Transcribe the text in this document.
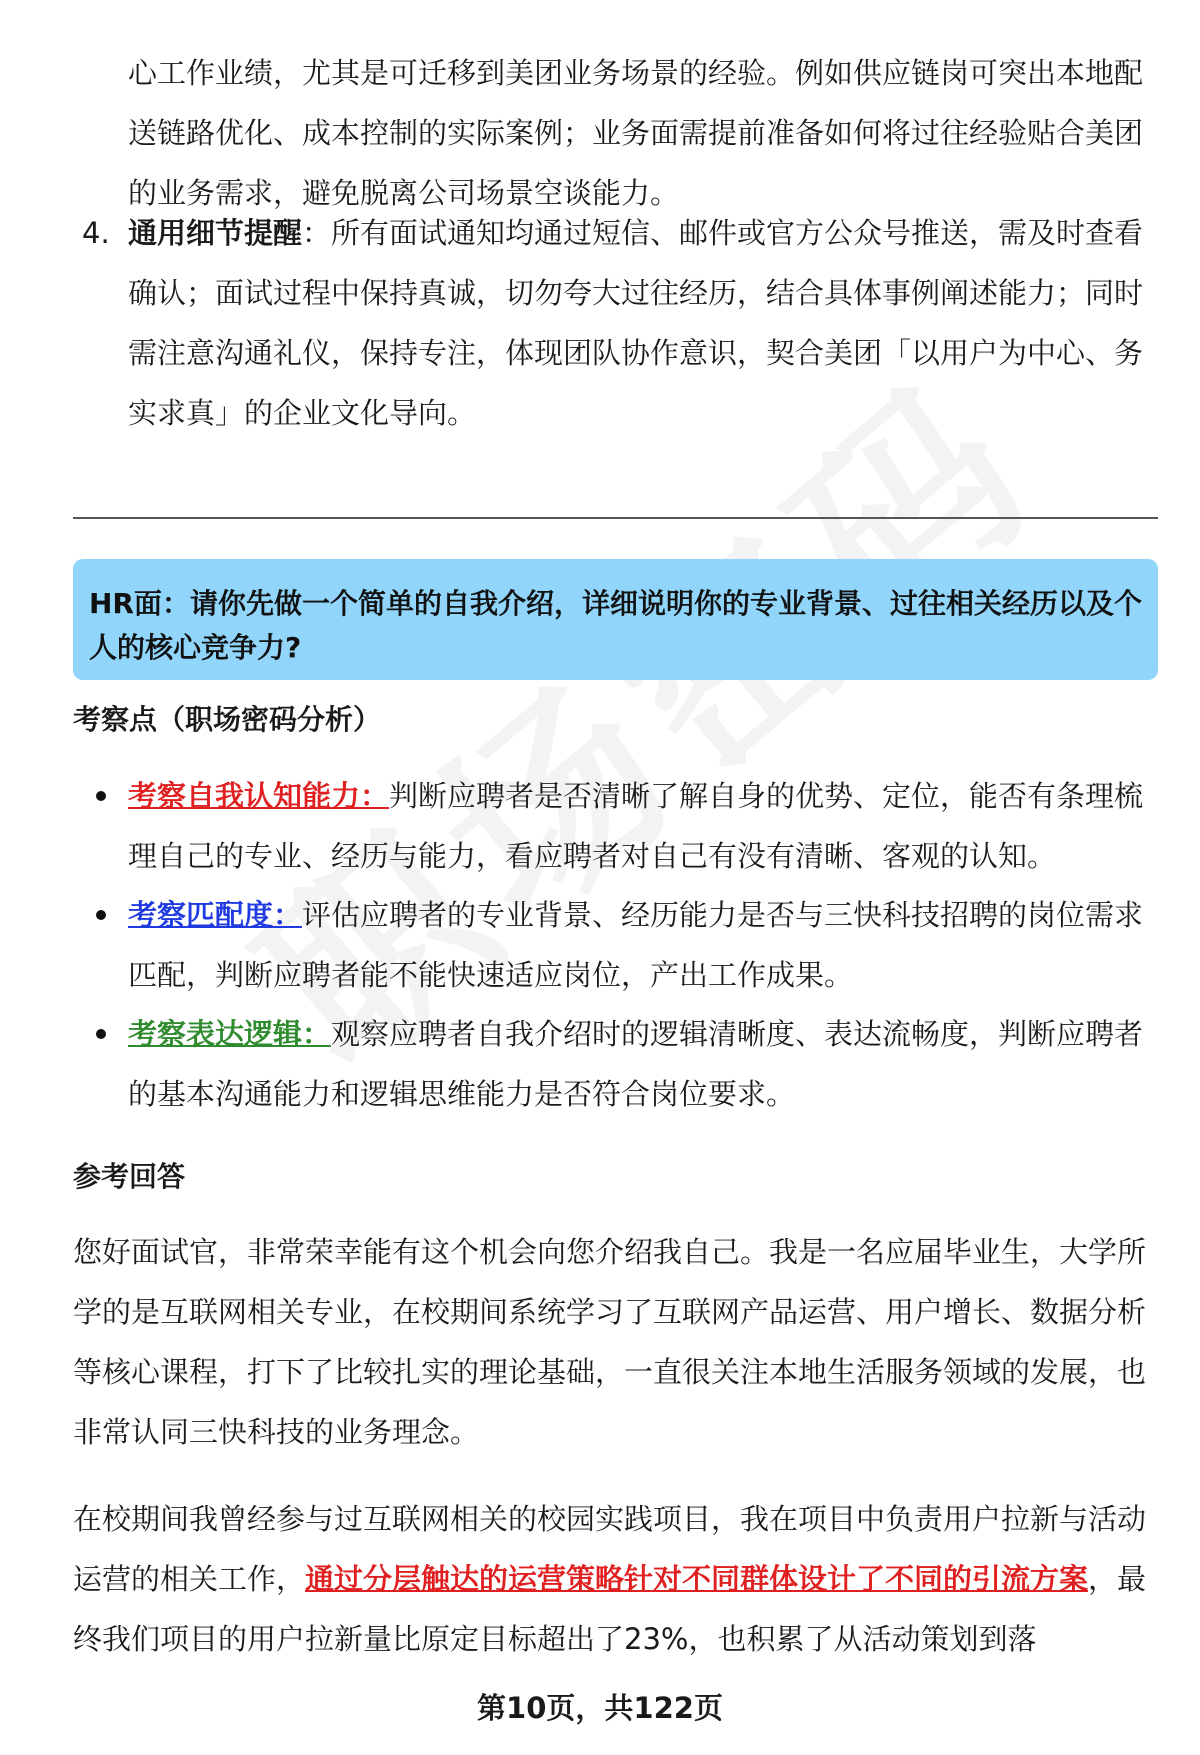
心工作业绩，尤其是可迁移到美团业务场景的经验。例如供应链岗可突出本地配送链路优化、成本控制的实际案例；业务面需提前准备如何将过往经验贴合美团的业务需求，避免脱离公司场景空谈能力。
4. 通用细节提醒：所有面试通知均通过短信、邮件或官方公众号推送，需及时查看确认；面试过程中保持真诚，切勿夸大过往经历，结合具体事例阐述能力；同时需注意沟通礼仪，保持专注，体现团队协作意识，契合美团「以用户为中心、务实求真」的企业文化导向。
HR面：请你先做一个简单的自我介绍，详细说明你的专业背景、过往相关经历以及个人的核心竞争力?
考察点（职场密码分析）
考察自我认知能力：判断应聘者是否清晰了解自身的优势、定位，能否有条理梳理自己的专业、经历与能力，看应聘者对自己有没有清晰、客观的认知。
考察匹配度：评估应聘者的专业背景、经历能力是否与三快科技招聘的岗位需求匹配，判断应聘者能不能快速适应岗位，产出工作成果。
考察表达逻辑：观察应聘者自我介绍时的逻辑清晰度、表达流畅度，判断应聘者的基本沟通能力和逻辑思维能力是否符合岗位要求。
参考回答
您好面试官，非常荣幸能有这个机会向您介绍我自己。我是一名应届毕业生，大学所学的是互联网相关专业，在校期间系统学习了互联网产品运营、用户增长、数据分析等核心课程，打下了比较扎实的理论基础，一直很关注本地生活服务领域的发展，也非常认同三快科技的业务理念。
在校期间我曾经参与过互联网相关的校园实践项目，我在项目中负责用户拉新与活动运营的相关工作，通过分层触达的运营策略针对不同群体设计了不同的引流方案，最终我们项目的用户拉新量比原定目标超出了23%，也积累了从活动策划到落
第10页，共122页
